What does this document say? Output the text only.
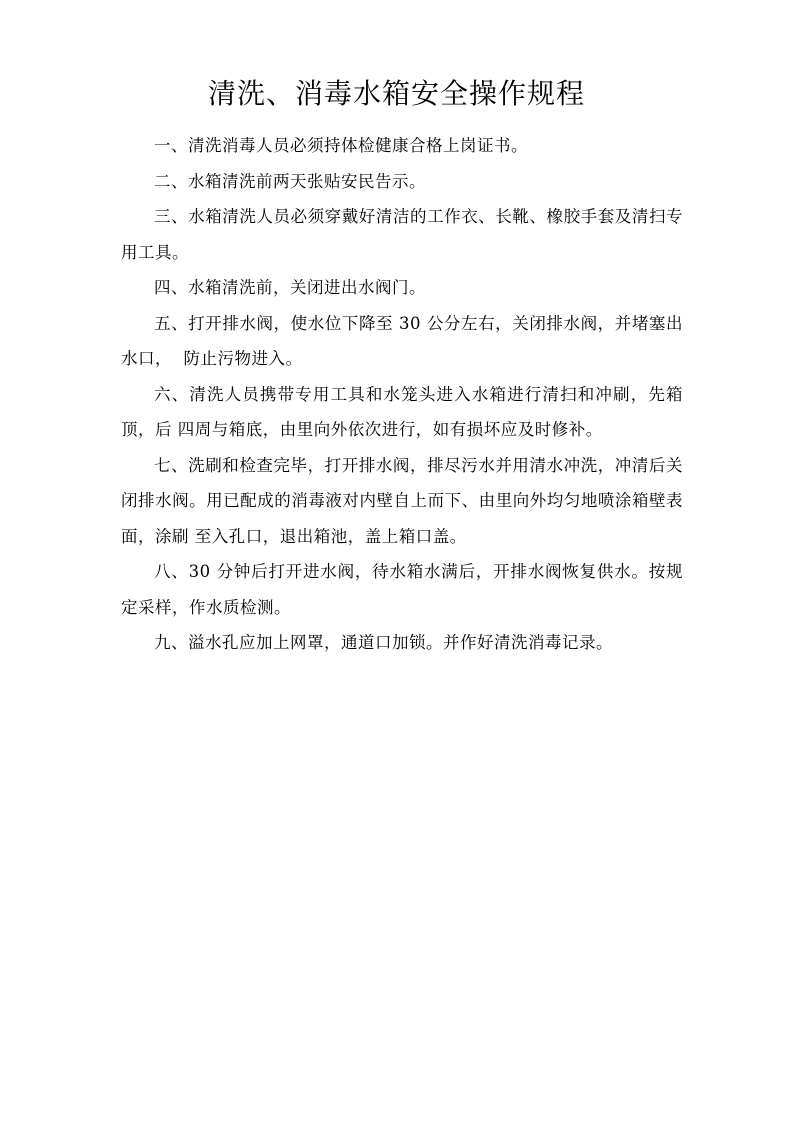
清洗、消毒水箱安全操作规程

一、清洗消毒人员必须持体检健康合格上岗证书。

二、水箱清洗前两天张贴安民告示。

三、水箱清洗人员必须穿戴好清洁的工作衣、长靴、橡胶手套及清扫专用工具。

四、水箱清洗前，关闭进出水阀门。

五、打开排水阀，使水位下降至 30 公分左右，关闭排水阀，并堵塞出水口，  防止污物进入。

六、清洗人员携带专用工具和水笼头进入水箱进行清扫和冲刷，先箱顶，后 四周与箱底，由里向外依次进行，如有损坏应及时修补。

七、洗刷和检查完毕，打开排水阀，排尽污水并用清水冲洗，冲清后关闭排水阀。用已配成的消毒液对内壁自上而下、由里向外均匀地喷涂箱壁表面，涂刷 至入孔口，退出箱池，盖上箱口盖。

八、30 分钟后打开进水阀，待水箱水满后，开排水阀恢复供水。按规定采样，作水质检测。

九、溢水孔应加上网罩，通道口加锁。并作好清洗消毒记录。
